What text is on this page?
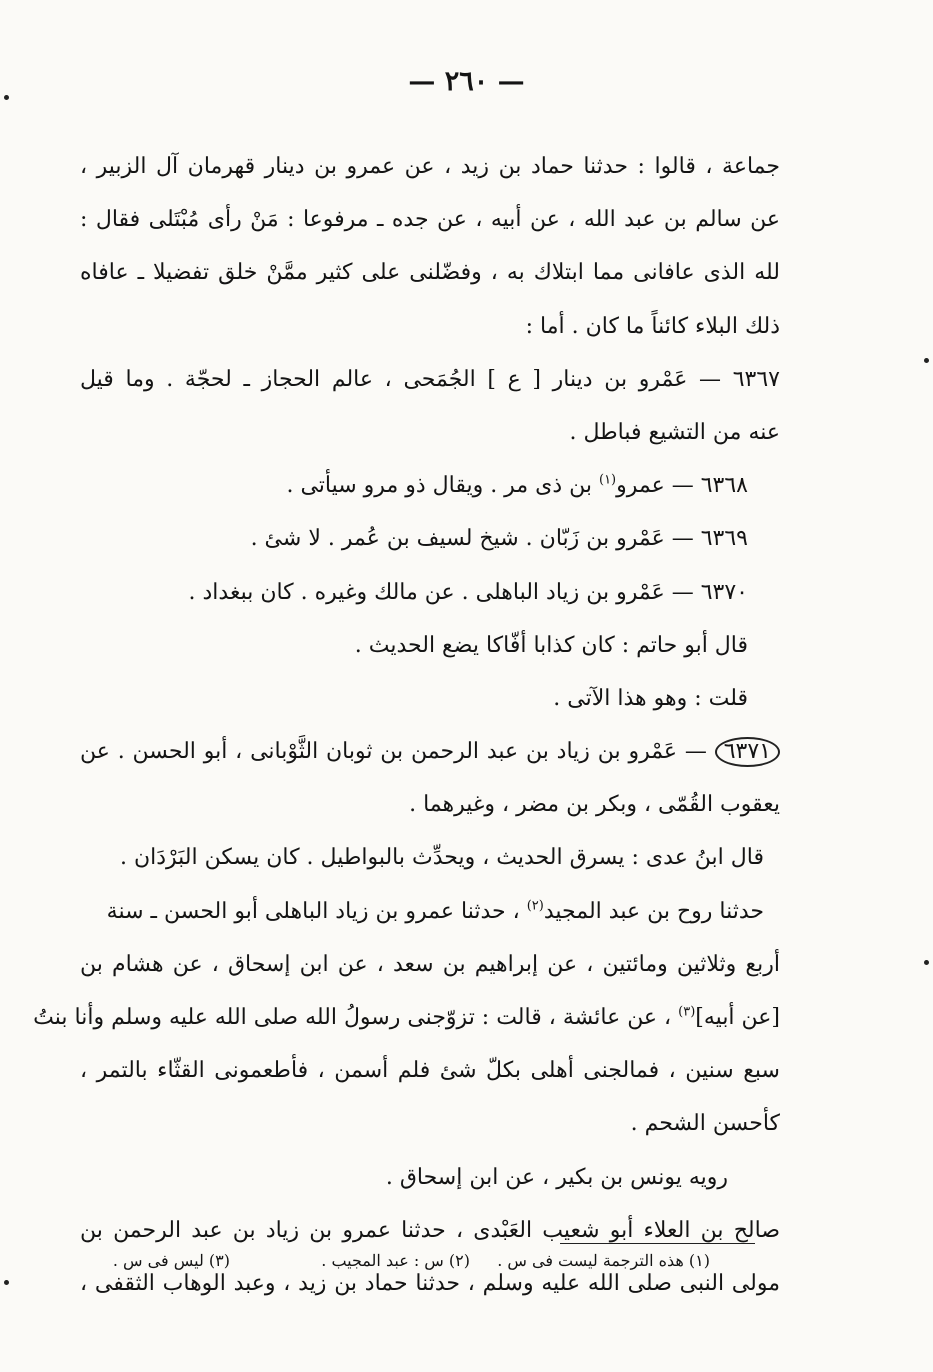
— ٢٦٠ —
جماعة ، قالوا : حدثنا حماد بن زيد ، عن عمرو بن دينار قهرمان آل الزبير ،
عن سالم بن عبد الله ، عن أبيه ، عن جده ـ مرفوعا : مَنْ رأى مُبْتَلى فقال :
لله الذى عافانى مما ابتلاك به ، وفضّلنى على كثير ممَّنْ خلق تفضيلا ـ عافاه
ذلك البلاء كائناً ما كان . أما :
٦٣٦٧ — عَمْرو بن دينار [ ع ] الجُمَحى ، عالم الحجاز ـ لحجّة . وما قيل
عنه من التشيع فباطل .
٦٣٦٨ — عمرو$^{(١)}$ بن ذى مر . ويقال ذو مرو سيأتى .
٦٣٦٩ — عَمْرو بن زَبّان . شيخ لسيف بن عُمر . لا شئ .
٦٣٧٠ — عَمْرو بن زياد الباهلى . عن مالك وغيره . كان ببغداد .
قال أبو حاتم : كان كذابا أفّاكا يضع الحديث .
قلت : وهو هذا الآتى .
٦٣٧١ — عَمْرو بن زياد بن عبد الرحمن بن ثوبان الثَّوْبانى ، أبو الحسن . عن
يعقوب القُمّى ، وبكر بن مضر ، وغيرهما .
قال ابنُ عدى : يسرق الحديث ، ويحدِّث بالبواطيل . كان يسكن البَرْدَان .
حدثنا روح بن عبد المجيد$^{(٢)}$ ، حدثنا عمرو بن زياد الباهلى أبو الحسن ـ سنة
أربع وثلاثين ومائتين ، عن إبراهيم بن سعد ، عن ابن إسحاق ، عن هشام بن
[عن أبيه]$^{(٣)}$ ، عن عائشة ، قالت : تزوّجنى رسولُ الله صلى الله عليه وسلم وأنا بنتُ
سبع سنين ، فمالجنى أهلى بكلّ شئ فلم أسمن ، فأطعمونى القثّاء بالتمر ،
كأحسن الشحم .
رويه يونس بن بكير ، عن ابن إسحاق .
صالح بن العلاء أبو شعيب العَبْدى ، حدثنا عمرو بن زياد بن عبد الرحمن بن
مولى النبى صلى الله عليه وسلم ، حدثنا حماد بن زيد ، وعبد الوهاب الثقفى ،
(١) هذه الترجمة ليست فى س .
(٢) س : عبد المجيب .
(٣) ليس فى س .
